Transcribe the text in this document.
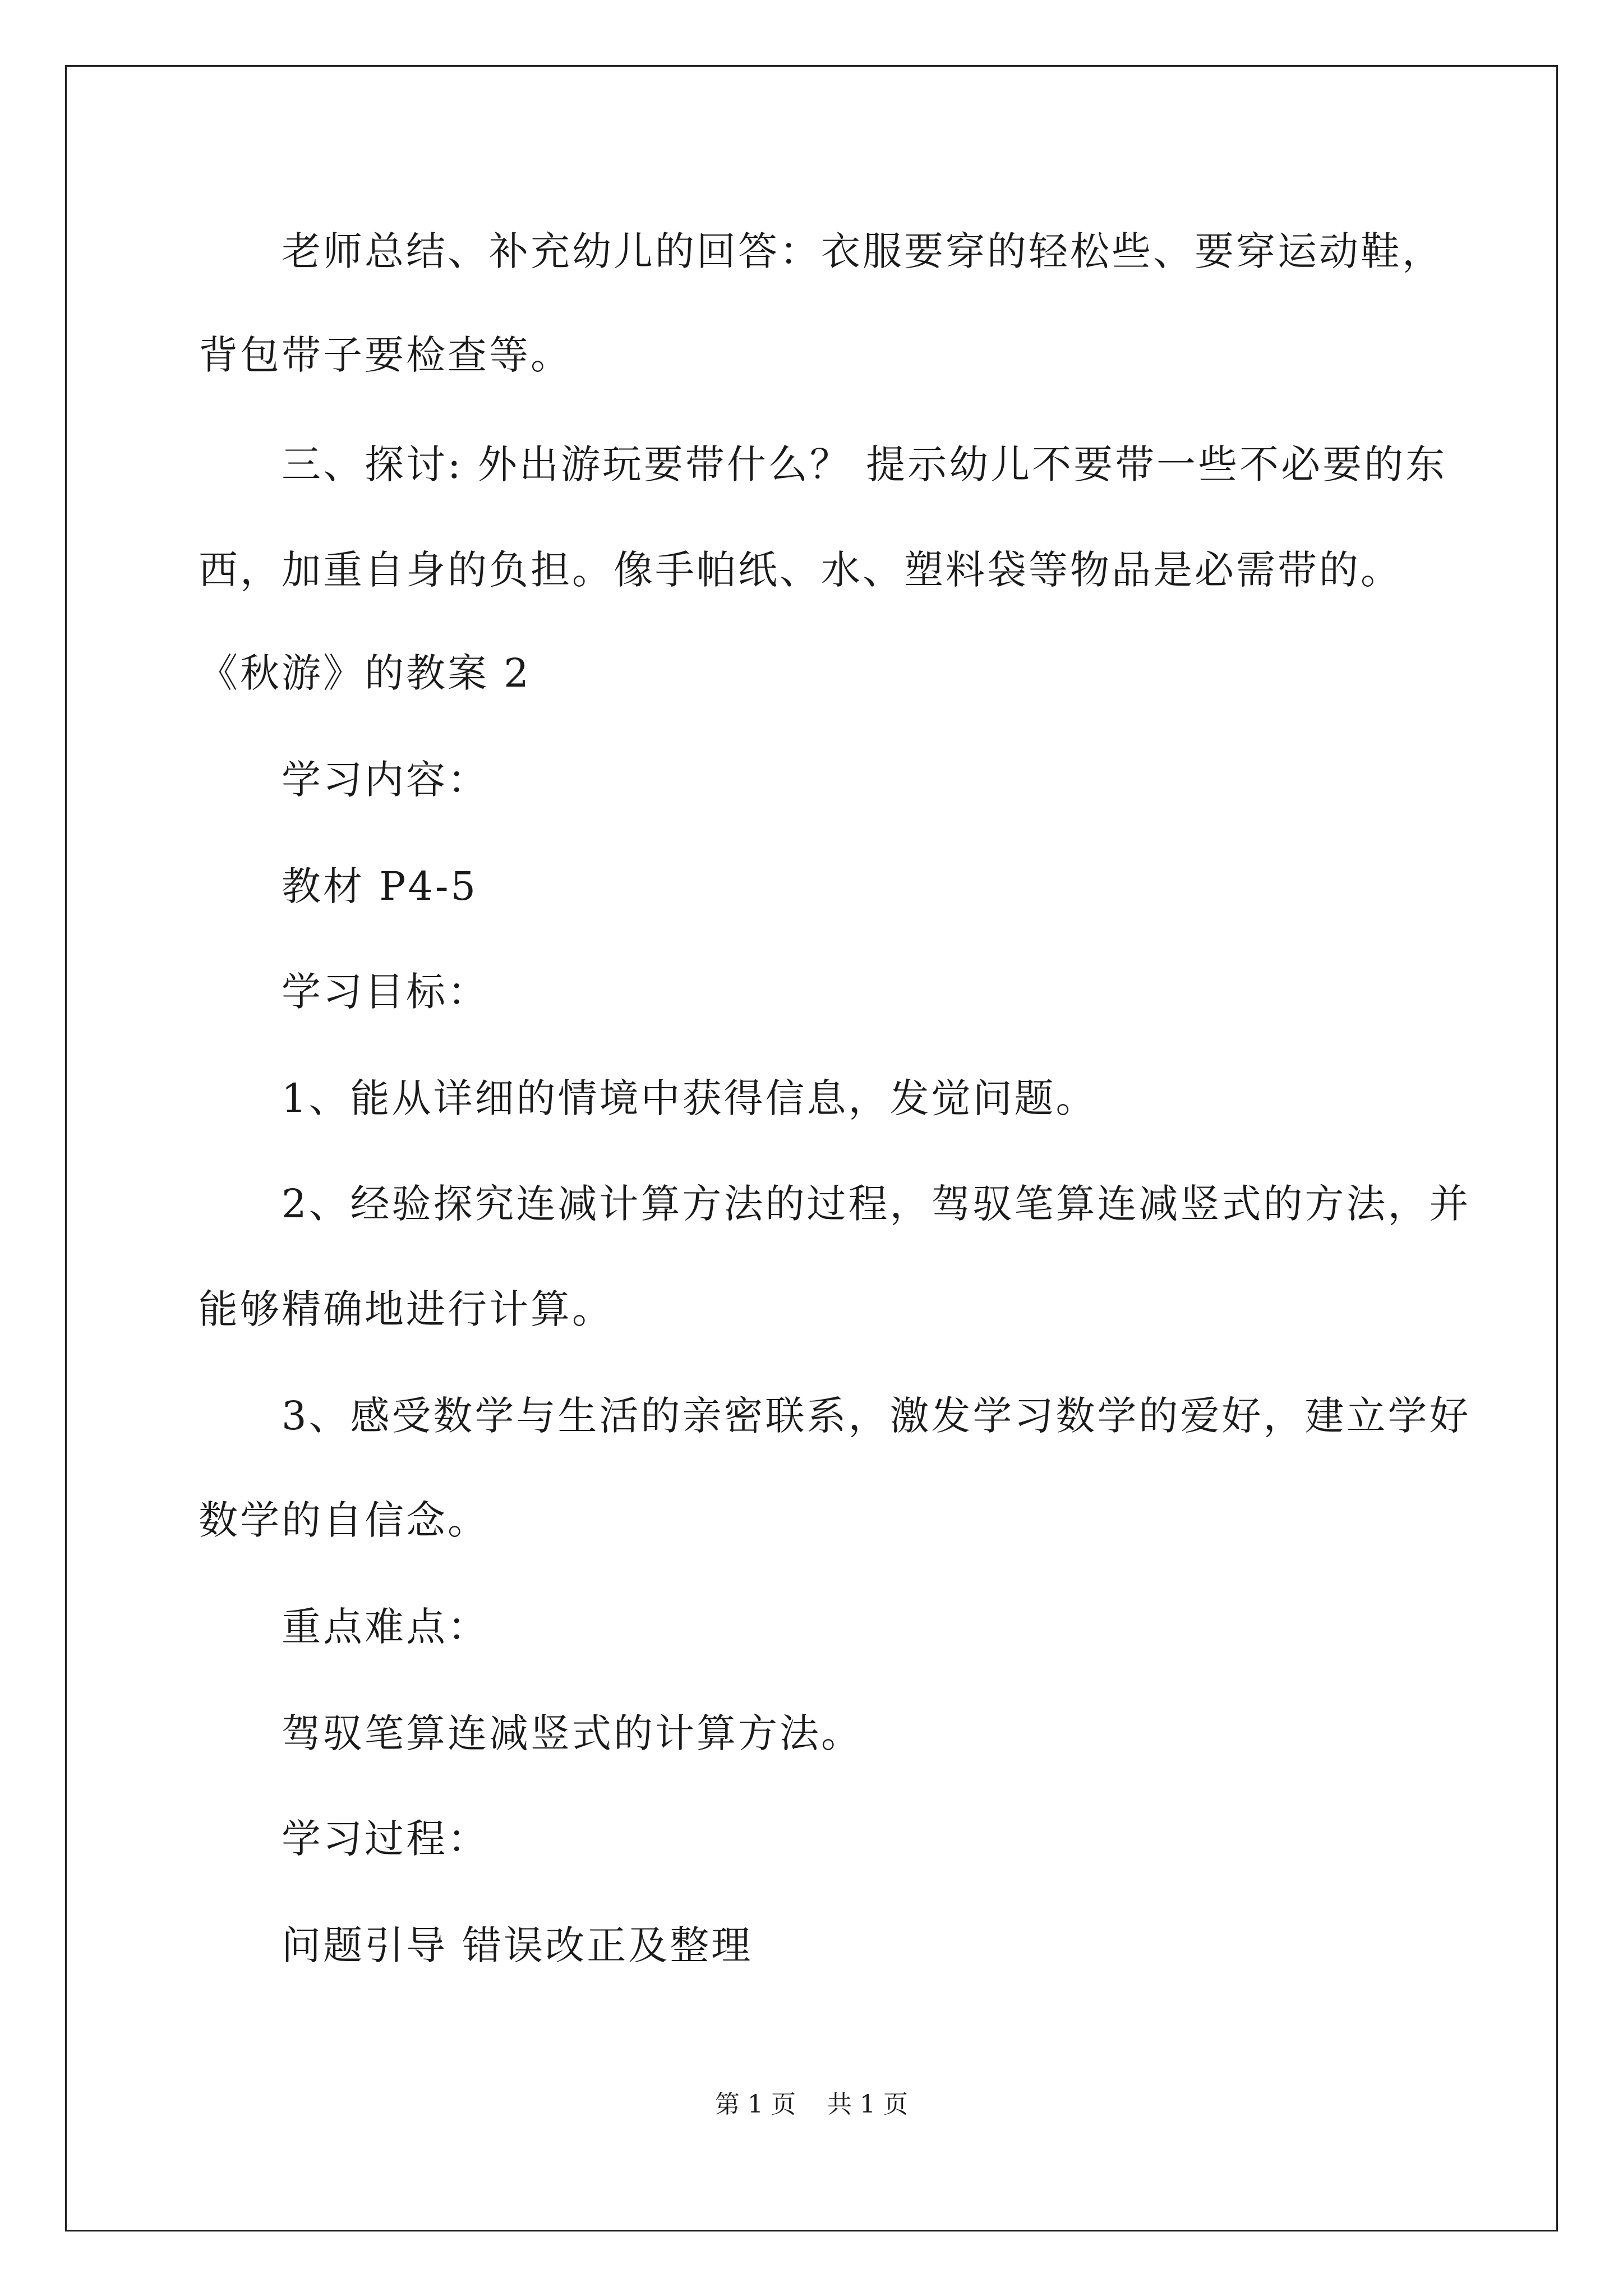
老师总结、补充幼儿的回答：衣服要穿的轻松些、要穿运动鞋，
背包带子要检查等。
三、探讨: 外出游玩要带什么？ 提示幼儿不要带一些不必要的东
西，加重自身的负担。像手帕纸、水、塑料袋等物品是必需带的。
《秋游》的教案 2
学习内容：
教材 P4-5
学习目标：
1、能从详细的情境中获得信息，发觉问题。
2、经验探究连减计算方法的过程，驾驭笔算连减竖式的方法，并
能够精确地进行计算。
3、感受数学与生活的亲密联系，激发学习数学的爱好，建立学好
数学的自信念。
重点难点：
驾驭笔算连减竖式的计算方法。
学习过程：
问题引导 错误改正及整理
第 1 页 共 1 页
